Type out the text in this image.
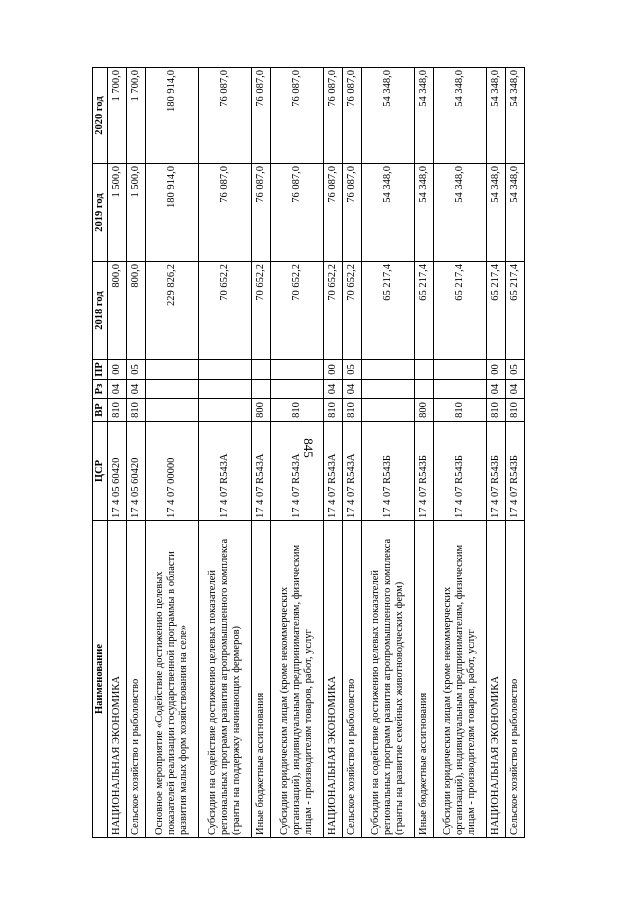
845
Наименование	ЦСР	ВР	Рз	ПР	2018 год	2019 год	2020 год
НАЦИОНАЛЬНАЯ ЭКОНОМИКА	17 4 05 60420	810	04	00	800,0	1 500,0	1 700,0
Сельское хозяйство и рыболовство	17 4 05 60420	810	04	05	800,0	1 500,0	1 700,0
Основное мероприятие «Содействие достижению целевых показателей реализации государственной программы в области развития малых форм хозяйствования на селе»	17 4 07 00000				229 826,2	180 914,0	180 914,0
Субсидии на содействие достижению целевых показателей региональных программ развития агропромышленного комплекса (гранты на поддержку начинающих фермеров)	17 4 07 R543А				70 652,2	76 087,0	76 087,0
Иные бюджетные ассигнования	17 4 07 R543А	800			70 652,2	76 087,0	76 087,0
Субсидии юридическим лицам (кроме некоммерческих организаций), индивидуальным предпринимателям, физическим лицам - производителям товаров, работ, услуг	17 4 07 R543А	810			70 652,2	76 087,0	76 087,0
НАЦИОНАЛЬНАЯ ЭКОНОМИКА	17 4 07 R543А	810	04	00	70 652,2	76 087,0	76 087,0
Сельское хозяйство и рыболовство	17 4 07 R543А	810	04	05	70 652,2	76 087,0	76 087,0
Субсидии на содействие достижению целевых показателей региональных программ развития агропромышленного комплекса (гранты на развитие семейных животноводческих ферм)	17 4 07 R543Б				65 217,4	54 348,0	54 348,0
Иные бюджетные ассигнования	17 4 07 R543Б	800			65 217,4	54 348,0	54 348,0
Субсидии юридическим лицам (кроме некоммерческих организаций), индивидуальным предпринимателям, физическим лицам - производителям товаров, работ, услуг	17 4 07 R543Б	810			65 217,4	54 348,0	54 348,0
НАЦИОНАЛЬНАЯ ЭКОНОМИКА	17 4 07 R543Б	810	04	00	65 217,4	54 348,0	54 348,0
Сельское хозяйство и рыболовство	17 4 07 R543Б	810	04	05	65 217,4	54 348,0	54 348,0
